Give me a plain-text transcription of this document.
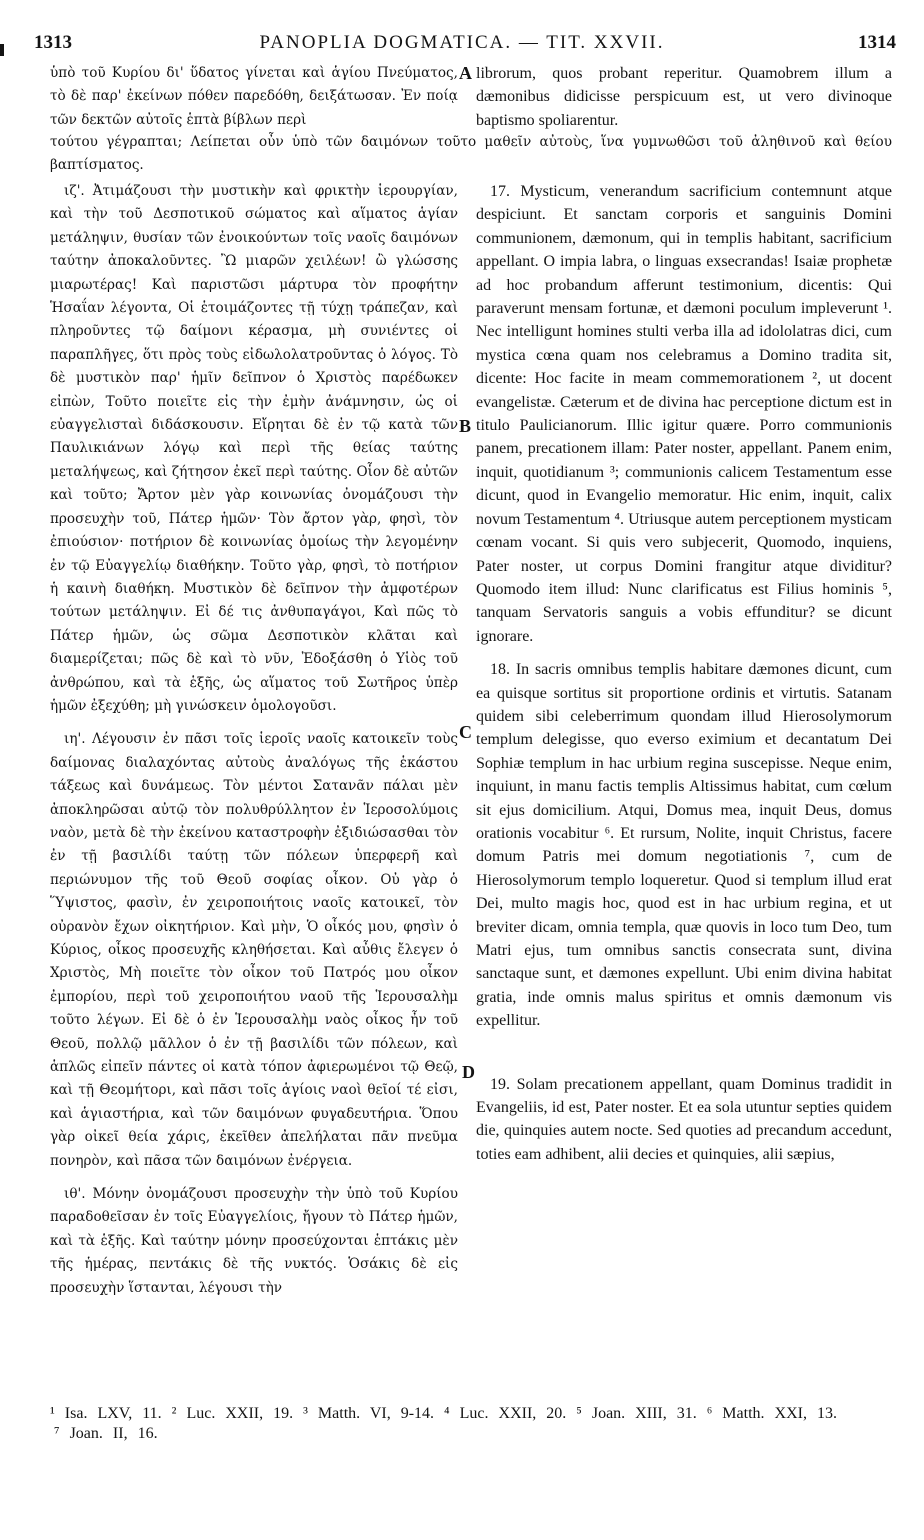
1313	PANOPLIA DOGMATICA. — TIT. XXVII.	1314

ὑπὸ τοῦ Κυρίου δι' ὕδατος γίνεται καὶ ἁγίου Πνεύματος, τὸ δὲ παρ' ἐκείνων πόθεν παρεδόθη, δειξάτωσαν. Ἐν ποίᾳ τῶν δεκτῶν αὐτοῖς ἑπτὰ βίβλων περὶ

ιζ'. Ἀτιμάζουσι τὴν μυστικὴν καὶ φρικτὴν ἱερουργίαν, καὶ τὴν τοῦ Δεσποτικοῦ σώματος καὶ αἵματος ἁγίαν μετάληψιν, θυσίαν τῶν ἐνοικούντων τοῖς ναοῖς δαιμόνων ταύτην ἀποκαλοῦντες. Ὢ μιαρῶν χειλέων! ὢ γλώσσης μιαρωτέρας! Καὶ παριστῶσι μάρτυρα τὸν προφήτην Ἡσαΐαν λέγοντα, Οἱ ἑτοιμάζοντες τῇ τύχῃ τράπεζαν, καὶ πληροῦντες τῷ δαίμονι κέρασμα, μὴ συνιέντες οἱ παραπλῆγες, ὅτι πρὸς τοὺς εἰδωλολατροῦντας ὁ λόγος. Τὸ δὲ μυστικὸν παρ' ἡμῖν δεῖπνον ὁ Χριστὸς παρέδωκεν εἰπὼν, Τοῦτο ποιεῖτε εἰς τὴν ἐμὴν ἀνάμνησιν, ὡς οἱ εὐαγγελισταὶ διδάσκουσιν. Εἴρηται δὲ ἐν τῷ κατὰ τῶν Παυλικιάνων λόγῳ καὶ περὶ τῆς θείας ταύτης μεταλήψεως, καὶ ζήτησον ἐκεῖ περὶ ταύτης. Οἷον δὲ αὐτῶν καὶ τοῦτο; Ἄρτον μὲν γὰρ κοινωνίας ὀνομάζουσι τὴν προσευχὴν τοῦ, Πάτερ ἡμῶν· Τὸν ἄρτον γὰρ, φησὶ, τὸν ἐπιούσιον· ποτήριον δὲ κοινωνίας ὁμοίως τὴν λεγομένην ἐν τῷ Εὐαγγελίῳ διαθήκην. Τοῦτο γὰρ, φησὶ, τὸ ποτήριον ἡ καινὴ διαθήκη. Μυστικὸν δὲ δεῖπνον τὴν ἀμφοτέρων τούτων μετάληψιν. Εἰ δέ τις ἀνθυπαγάγοι, Καὶ πῶς τὸ Πάτερ ἡμῶν, ὡς σῶμα Δεσποτικὸν κλᾶται καὶ διαμερίζεται; πῶς δὲ καὶ τὸ νῦν, Ἐδοξάσθη ὁ Υἱὸς τοῦ ἀνθρώπου, καὶ τὰ ἑξῆς, ὡς αἵματος τοῦ Σωτῆρος ὑπὲρ ἡμῶν ἐξεχύθη; μὴ γινώσκειν ὁμολογοῦσι.

ιη'. Λέγουσιν ἐν πᾶσι τοῖς ἱεροῖς ναοῖς κατοικεῖν τοὺς δαίμονας διαλαχόντας αὐτοὺς ἀναλόγως τῆς ἑκάστου τάξεως καὶ δυνάμεως. Τὸν μέντοι Σατανᾶν πάλαι μὲν ἀποκληρῶσαι αὐτῷ τὸν πολυθρύλλητον ἐν Ἱεροσολύμοις ναὸν, μετὰ δὲ τὴν ἐκείνου καταστροφὴν ἐξιδιώσασθαι τὸν ἐν τῇ βασιλίδι ταύτῃ τῶν πόλεων ὑπερφερῆ καὶ περιώνυμον τῆς τοῦ Θεοῦ σοφίας οἶκον. Οὐ γὰρ ὁ Ὕψιστος, φασὶν, ἐν χειροποιήτοις ναοῖς κατοικεῖ, τὸν οὐρανὸν ἔχων οἰκητήριον. Καὶ μὴν, Ὁ οἶκός μου, φησὶν ὁ Κύριος, οἶκος προσευχῆς κληθήσεται. Καὶ αὖθις ἔλεγεν ὁ Χριστὸς, Μὴ ποιεῖτε τὸν οἶκον τοῦ Πατρός μου οἶκον ἐμπορίου, περὶ τοῦ χειροποιήτου ναοῦ τῆς Ἱερουσαλὴμ τοῦτο λέγων. Εἰ δὲ ὁ ἐν Ἱερουσαλὴμ ναὸς οἶκος ἦν τοῦ Θεοῦ, πολλῷ μᾶλλον ὁ ἐν τῇ βασιλίδι τῶν πόλεων, καὶ ἁπλῶς εἰπεῖν πάντες οἱ κατὰ τόπον ἀφιερωμένοι τῷ Θεῷ, καὶ τῇ Θεομήτορι, καὶ πᾶσι τοῖς ἁγίοις ναοὶ θεῖοί τέ εἰσι, καὶ ἁγιαστήρια, καὶ τῶν δαιμόνων φυγαδευτήρια. Ὅπου γὰρ οἰκεῖ θεία χάρις, ἐκεῖθεν ἀπελήλαται πᾶν πνεῦμα πονηρὸν, καὶ πᾶσα τῶν δαιμόνων ἐνέργεια.

ιθ'. Μόνην ὀνομάζουσι προσευχὴν τὴν ὑπὸ τοῦ Κυρίου παραδοθεῖσαν ἐν τοῖς Εὐαγγελίοις, ἤγουν τὸ Πάτερ ἡμῶν, καὶ τὰ ἑξῆς. Καὶ ταύτην μόνην προσεύχονται ἑπτάκις μὲν τῆς ἡμέρας, πεντάκις δὲ τῆς νυκτός. Ὁσάκις δὲ εἰς προσευχὴν ἵστανται, λέγουσι τὴν

τούτου γέγραπται; Λείπεται οὖν ὑπὸ τῶν δαιμόνων τοῦτο μαθεῖν αὐτοὺς, ἵνα γυμνωθῶσι τοῦ ἀληθινοῦ καὶ θείου βαπτίσματος.

librorum, quos probant reperitur. Quamobrem illum a dæmonibus didicisse perspicuum est, ut vero divinoque baptismo spoliarentur.

17. Mysticum, venerandum sacrificium contemnunt atque despiciunt. Et sanctam corporis et sanguinis Domini communionem, dæmonum, qui in templis habitant, sacrificium appellant. O impia labra, o linguas exsecrandas! Isaiæ prophetæ ad hoc probandum afferunt testimonium, dicentis: Qui paraverunt mensam fortunæ, et dæmoni poculum impleverunt ¹. Nec intelligunt homines stulti verba illa ad idololatras dici, cum mystica cœna quam nos celebramus a Domino tradita sit, dicente: Hoc facite in meam commemorationem ², ut docent evangelistæ. Cæterum et de divina hac perceptione dictum est in titulo Paulicianorum. Illic igitur quære. Porro communionis panem, precationem illam: Pater noster, appellant. Panem enim, inquit, quotidianum ³; communionis calicem Testamentum esse dicunt, quod in Evangelio memoratur. Hic enim, inquit, calix novum Testamentum ⁴. Utriusque autem perceptionem mysticam cœnam vocant. Si quis vero subjecerit, Quomodo, inquiens, Pater noster, ut corpus Domini frangitur atque dividitur? Quomodo item illud: Nunc clarificatus est Filius hominis ⁵, tanquam Servatoris sanguis a vobis effunditur? se dicunt ignorare.

18. In sacris omnibus templis habitare dæmones dicunt, cum ea quisque sortitus sit proportione ordinis et virtutis. Satanam quidem sibi celeberrimum quondam illud Hierosolymorum templum delegisse, quo everso eximium et decantatum Dei Sophiæ templum in hac urbium regina suscepisse. Neque enim, inquiunt, in manu factis templis Altissimus habitat, cum cœlum sit ejus domicilium. Atqui, Domus mea, inquit Deus, domus orationis vocabitur ⁶. Et rursum, Nolite, inquit Christus, facere domum Patris mei domum negotiationis ⁷, cum de Hierosolymorum templo loqueretur. Quod si templum illud erat Dei, multo magis hoc, quod est in hac urbium regina, et ut breviter dicam, omnia templa, quæ quovis in loco tum Deo, tum Matri ejus, tum omnibus sanctis consecrata sunt, divina sanctaque sunt, et dæmones expellunt. Ubi enim divina habitat gratia, inde omnis malus spiritus et omnis dæmonum vis expellitur.

19. Solam precationem appellant, quam Dominus tradidit in Evangeliis, id est, Pater noster. Et ea sola utuntur septies quidem die, quinquies autem nocte. Sed quoties ad precandum accedunt, toties eam adhibent, alii decies et quinquies, alii sæpius,

A
B
C
D
¹ Isa. LXV, 11. ² Luc. XXII, 19. ³ Matth. VI, 9-14. ⁴ Luc. XXII, 20. ⁵ Joan. XIII, 31. ⁶ Matth. XXI, 13.
⁷ Joan. II, 16.
